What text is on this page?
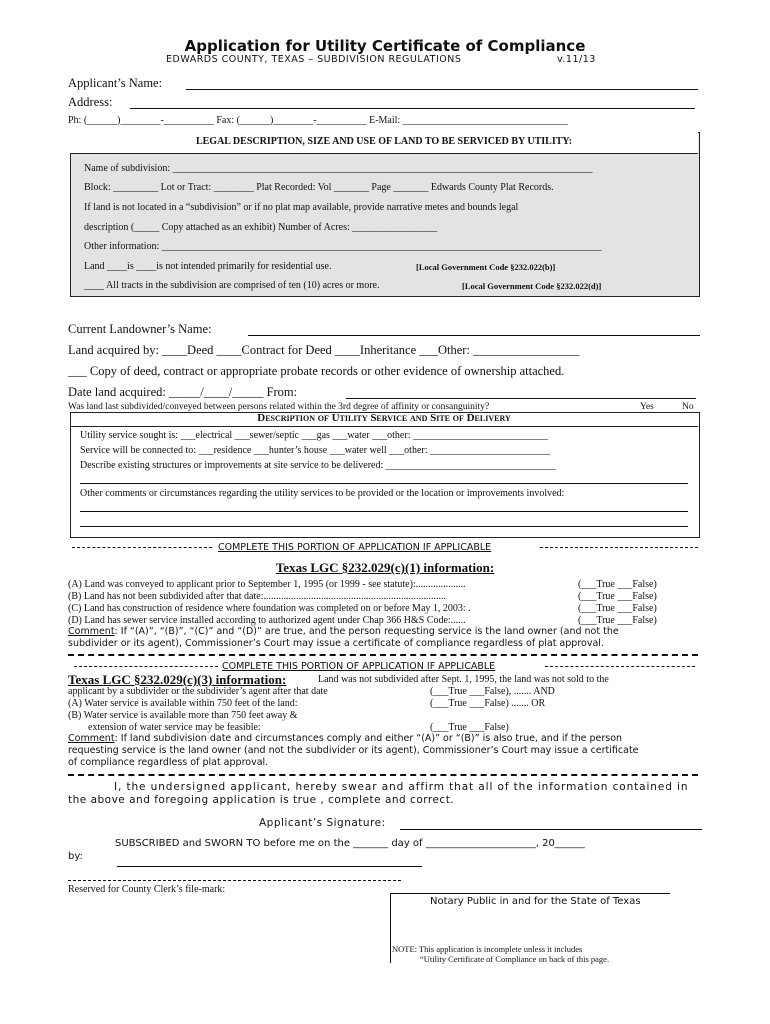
Application for Utility Certificate of Compliance
EDWARDS COUNTY, TEXAS – SUBDIVISION REGULATIONS	v.11/13
Applicant’s Name:
Address:
Ph: (______)________-__________ Fax: (______)________-__________ E-Mail: _________________________________
LEGAL DESCRIPTION, SIZE AND USE OF LAND TO BE SERVICED BY UTILITY:
Name of subdivision: ____________________________________________________________________________________
Block: _________ Lot or Tract: ________ Plat Recorded: Vol _______ Page _______ Edwards County Plat Records.
If land is not located in a “subdivision” or if no plat map available, provide narrative metes and bounds legal
description (_____ Copy attached as an exhibit) Number of Acres: _________________
Other information: ________________________________________________________________________________________
Land ____is ____is not intended primarily for residential use.	[Local Government Code §232.022(b)]
____ All tracts in the subdivision are comprised of ten (10) acres or more.	[Local Government Code §232.022(d)]
Current Landowner’s Name:
Land acquired by: ____Deed ____Contract for Deed ____Inheritance ___Other: _________________
___ Copy of deed, contract or appropriate probate records or other evidence of ownership attached.
Date land acquired: _____/____/_____ From:
Was land last subdivided/conveyed between persons related within the 3rd degree of affinity or consanguinity?	Yes	No
Description of Utility Service and Site of Delivery
Utility service sought is: ___electrical ___sewer/septic ___gas ___water ___other: ___________________________
Service will be connected to: ___residence ___hunter’s house ___water well ___other: ________________________
Describe existing structures or improvements at site service to be delivered: __________________________________
Other comments or circumstances regarding the utility services to be provided or the location or improvements involved:
COMPLETE THIS PORTION OF APPLICATION IF APPLICABLE
Texas LGC §232.029(c)(1) information:
(A) Land was conveyed to applicant prior to September 1, 1995 (or 1999 - see statute):....................	(___True ___False)
(B) Land has not been subdivided after that date:.........................................................................	(___True ___False)
(C) Land has construction of residence where foundation was completed on or before May 1, 2003: .	(___True ___False)
(D) Land has sewer service installed according to authorized agent under Chap 366 H&S Code:......	(___True ___False)
Comment: If “(A)”, “(B)”, “(C)” and “(D)” are true, and the person requesting service is the land owner (and not the
subdivider or its agent), Commissioner’s Court may issue a certificate of compliance regardless of plat approval.
COMPLETE THIS PORTION OF APPLICATION IF APPLICABLE
Texas LGC §232.029(c)(3) information:	Land was not subdivided after Sept. 1, 1995, the land was not sold to the
applicant by a subdivider or the subdivider’s agent after that date	(___True ___False), ....... AND
(A) Water service is available within 750 feet of the land:	(___True ___False) ....... OR
(B) Water service is available more than 750 feet away &
extension of water service may be feasible:	(___True ___False)
Comment: If land subdivision date and circumstances comply and either “(A)” or “(B)” is also true, and if the person
requesting service is the land owner (and not the subdivider or its agent), Commissioner’s Court may issue a certificate
of compliance regardless of plat approval.
I, the undersigned applicant, hereby swear and affirm that all of the information contained in
the above and foregoing application is true , complete and correct.
Applicant’s Signature:
SUBSCRIBED and SWORN TO before me on the _______ day of ______________________, 20______
by:
Reserved for County Clerk’s file-mark:
Notary Public in and for the State of Texas
NOTE: This application is incomplete unless it includes
“Utility Certificate of Compliance on back of this page.
